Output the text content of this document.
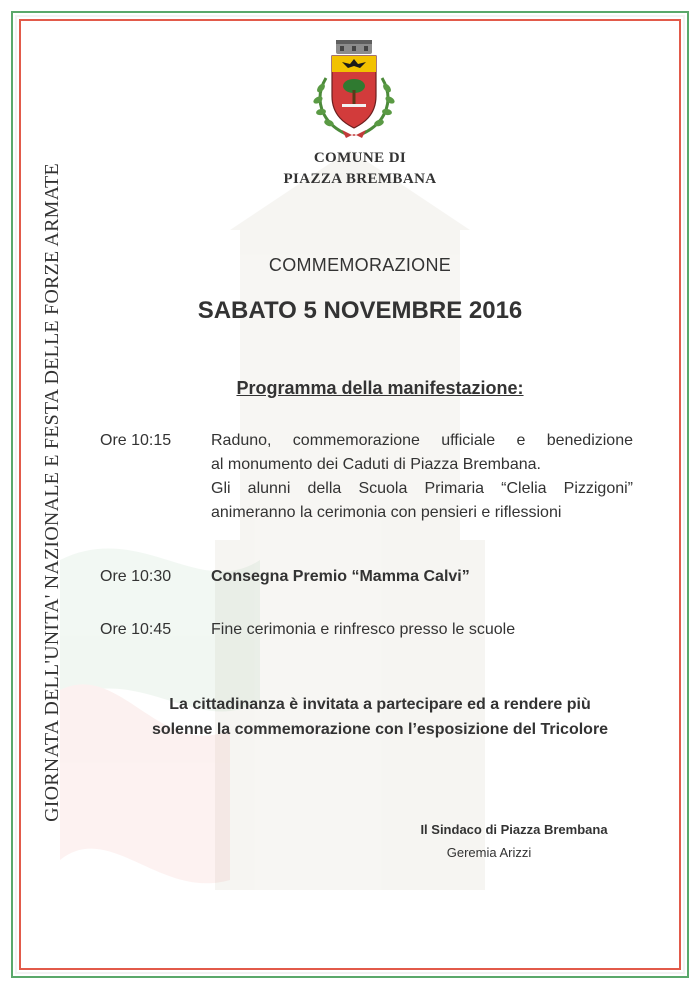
GIORNATA DELL'UNITA' NAZIONALE E FESTA DELLE FORZE ARMATE
COMUNE DI
PIAZZA BREMBANA
COMMEMORAZIONE
SABATO 5 NOVEMBRE 2016
Programma della manifestazione:
Ore 10:15 Raduno, commemorazione ufficiale e benedizione
al monumento dei Caduti di Piazza Brembana.
Gli alunni della Scuola Primaria “Clelia Pizzigoni”
animeranno la cerimonia con pensieri e riflessioni
Ore 10:30 Consegna Premio “Mamma Calvi”
Ore 10:45 Fine cerimonia e rinfresco presso le scuole
La cittadinanza è invitata a partecipare ed a rendere più
solenne la commemorazione con l’esposizione del Tricolore
Il Sindaco di Piazza Brembana
Geremia Arizzi
